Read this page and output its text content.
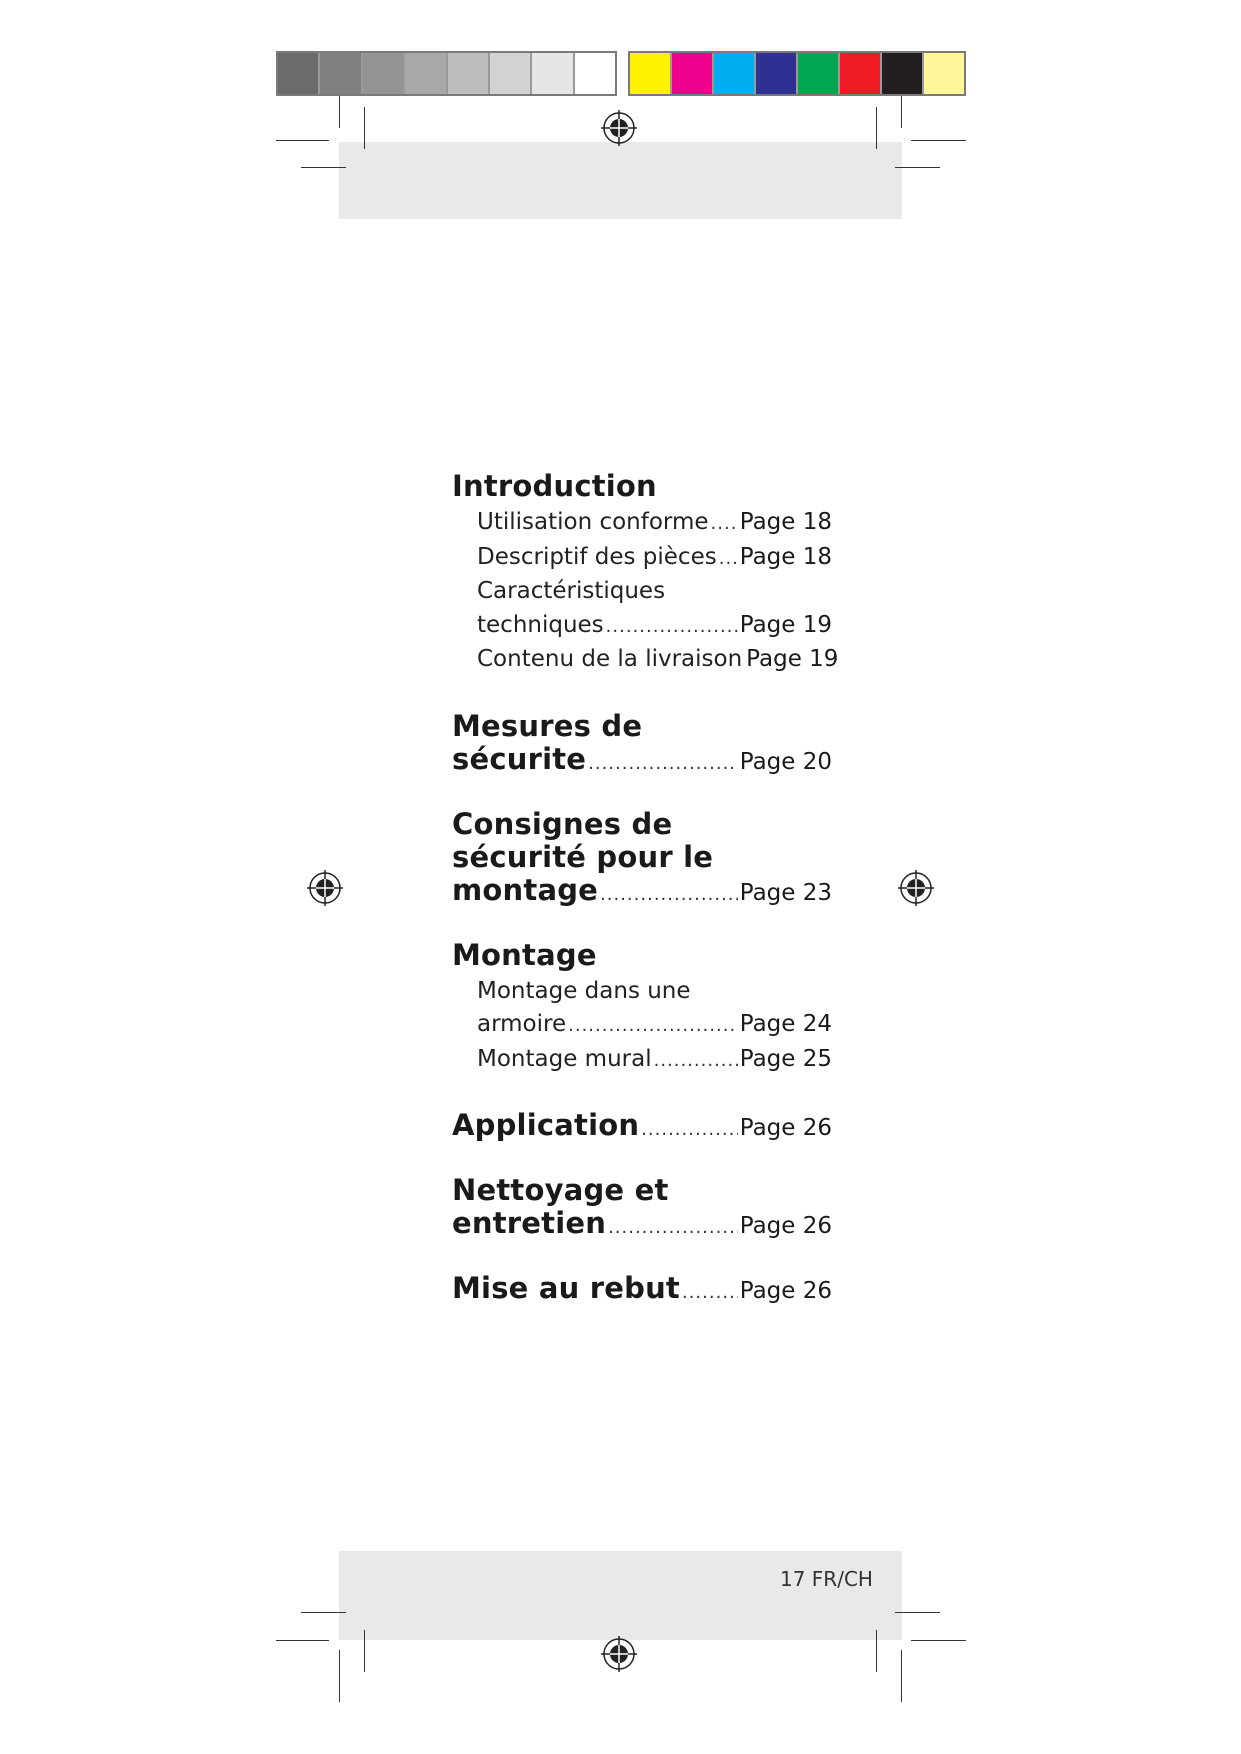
Introduction
Utilisation conforme ..... Page 18
Descriptif des pièces ..... Page 18
Caractéristiques
techniques .....	Page 19
Contenu de la livraison Page 19
Mesures de
sécurite .....	Page 20
Consignes de
sécurité pour le
montage .....	Page 23
Montage
Montage dans une
armoire .....	Page 24
Montage mural .....	Page 25
Application .....	Page 26
Nettoyage et
entretien .....	Page 26
Mise au rebut .....	Page 26
17 FR/CH
